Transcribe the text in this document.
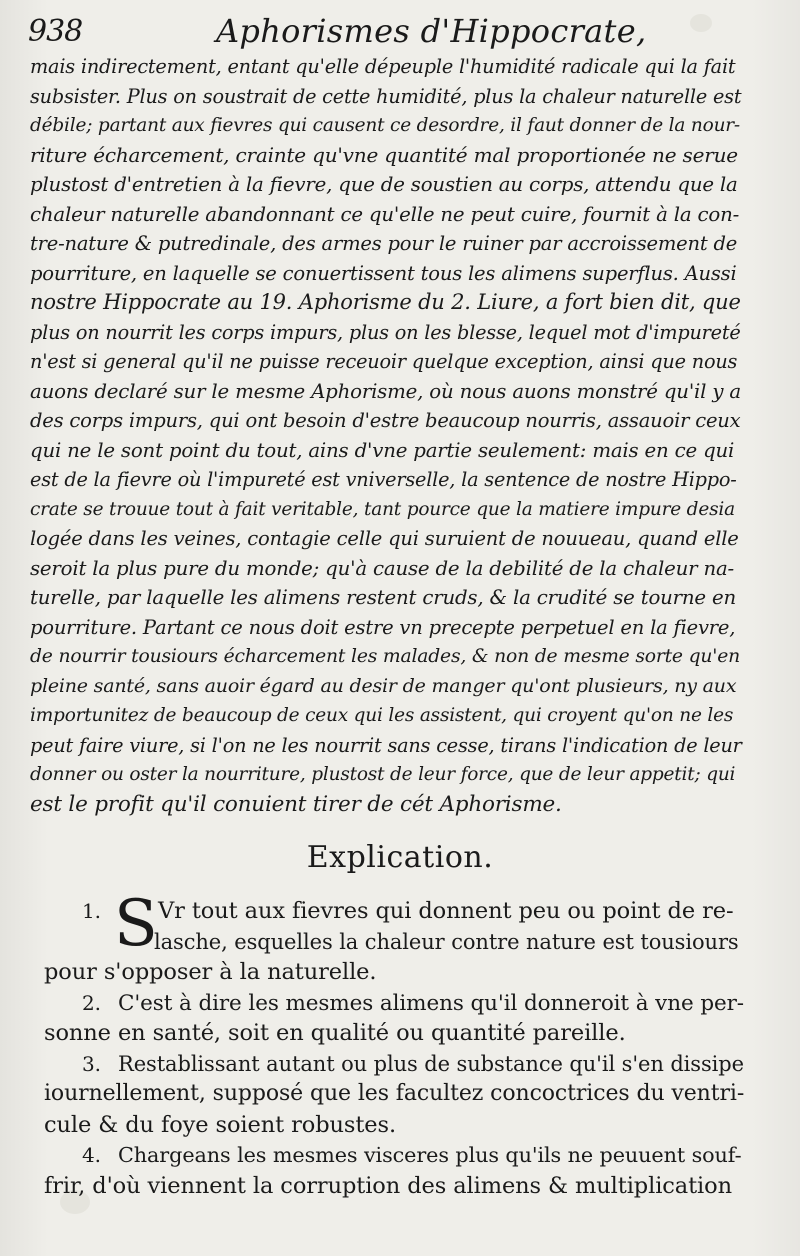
938	Aphorismes d'Hippocrate,
mais indirectement, entant qu'elle dépeuple l'humidité radicale qui la fait
subsister. Plus on soustrait de cette humidité, plus la chaleur naturelle est
débile; partant aux fievres qui causent ce desordre, il faut donner de la nour-
riture écharcement, crainte qu'vne quantité mal proportionée ne serue
plustost d'entretien à la fievre, que de soustien au corps, attendu que la
chaleur naturelle abandonnant ce qu'elle ne peut cuire, fournit à la con-
tre-nature & putredinale, des armes pour le ruiner par accroissement de
pourriture, en laquelle se conuertissent tous les alimens superflus. Aussi
nostre Hippocrate au 19. Aphorisme du 2. Liure, a fort bien dit, que
plus on nourrit les corps impurs, plus on les blesse, lequel mot d'impureté
n'est si general qu'il ne puisse receuoir quelque exception, ainsi que nous
auons declaré sur le mesme Aphorisme, où nous auons monstré qu'il y a
des corps impurs, qui ont besoin d'estre beaucoup nourris, assauoir ceux
qui ne le sont point du tout, ains d'vne partie seulement: mais en ce qui
est de la fievre où l'impureté est vniverselle, la sentence de nostre Hippo-
crate se trouue tout à fait veritable, tant pource que la matiere impure desia
logée dans les veines, contagie celle qui suruient de nouueau, quand elle
seroit la plus pure du monde; qu'à cause de la debilité de la chaleur na-
turelle, par laquelle les alimens restent cruds, & la crudité se tourne en
pourriture. Partant ce nous doit estre vn precepte perpetuel en la fievre,
de nourrir tousiours écharcement les malades, & non de mesme sorte qu'en
pleine santé, sans auoir égard au desir de manger qu'ont plusieurs, ny aux
importunitez de beaucoup de ceux qui les assistent, qui croyent qu'on ne les
peut faire viure, si l'on ne les nourrit sans cesse, tirans l'indication de leur
donner ou oster la nourriture, plustost de leur force, que de leur appetit; qui
est le profit qu'il conuient tirer de cét Aphorisme.
Explication.
S
1.	Vr tout aux fievres qui donnent peu ou point de re-
lasche, esquelles la chaleur contre nature est tousiours
pour s'opposer à la naturelle.
2. C'est à dire les mesmes alimens qu'il donneroit à vne per-
sonne en santé, soit en qualité ou quantité pareille.
3. Restablissant autant ou plus de substance qu'il s'en dissipe
iournellement, supposé que les facultez concoctrices du ventri-
cule & du foye soient robustes.
4. Chargeans les mesmes visceres plus qu'ils ne peuuent souf-
frir, d'où viennent la corruption des alimens & multiplication
